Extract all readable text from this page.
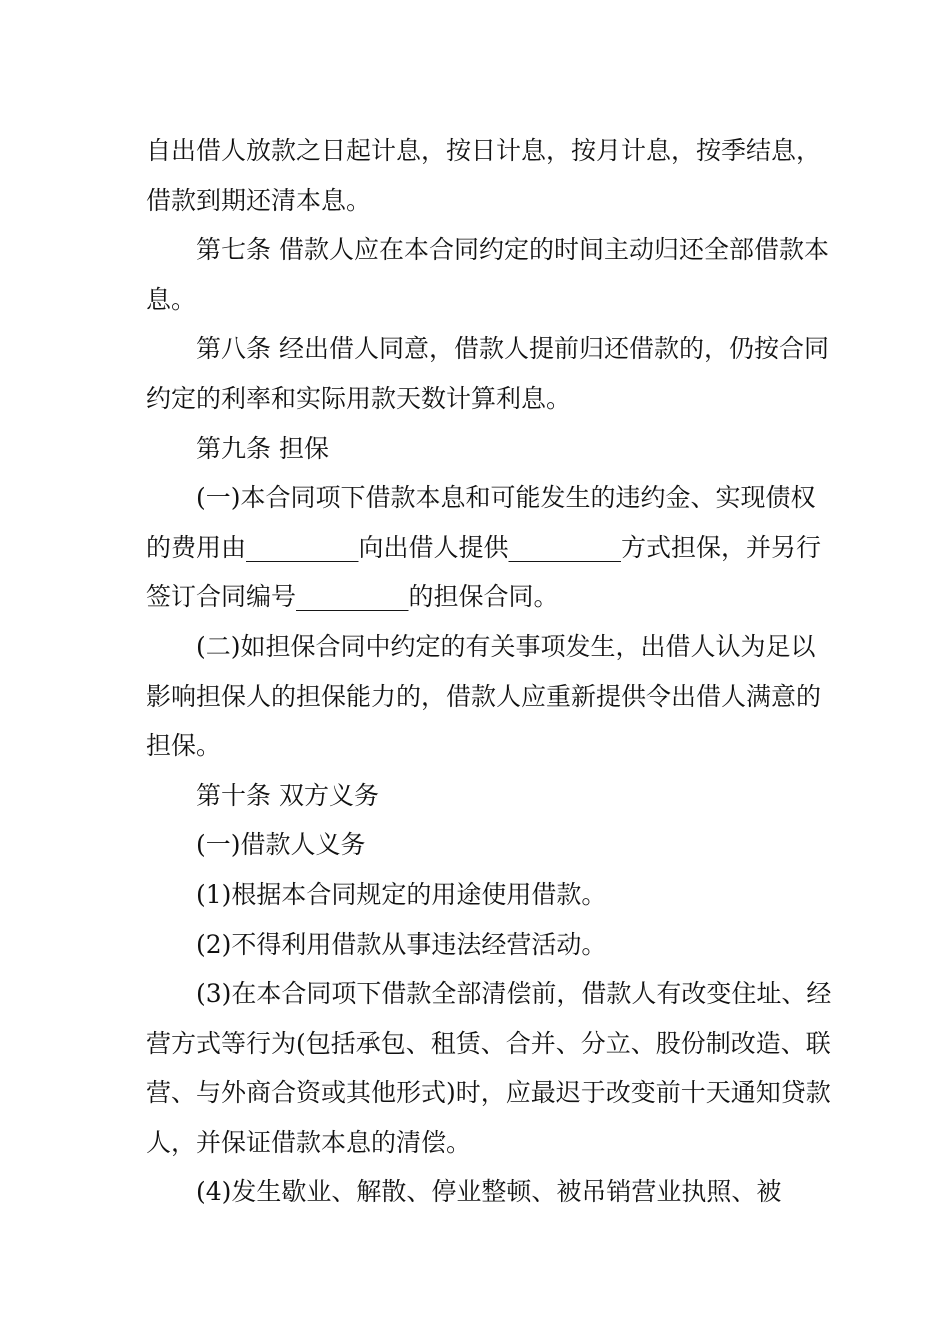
自出借人放款之日起计息，按日计息，按月计息，按季结息，借款到期还清本息。

第七条 借款人应在本合同约定的时间主动归还全部借款本息。

第八条 经出借人同意，借款人提前归还借款的，仍按合同约定的利率和实际用款天数计算利息。

第九条 担保

(一)本合同项下借款本息和可能发生的违约金、实现债权的费用由_________向出借人提供_________方式担保，并另行签订合同编号_________的担保合同。

(二)如担保合同中约定的有关事项发生，出借人认为足以影响担保人的担保能力的，借款人应重新提供令出借人满意的担保。

第十条 双方义务

(一)借款人义务

(1)根据本合同规定的用途使用借款。

(2)不得利用借款从事违法经营活动。

(3)在本合同项下借款全部清偿前，借款人有改变住址、经营方式等行为(包括承包、租赁、合并、分立、股份制改造、联营、与外商合资或其他形式)时，应最迟于改变前十天通知贷款人，并保证借款本息的清偿。

(4)发生歇业、解散、停业整顿、被吊销营业执照、被
